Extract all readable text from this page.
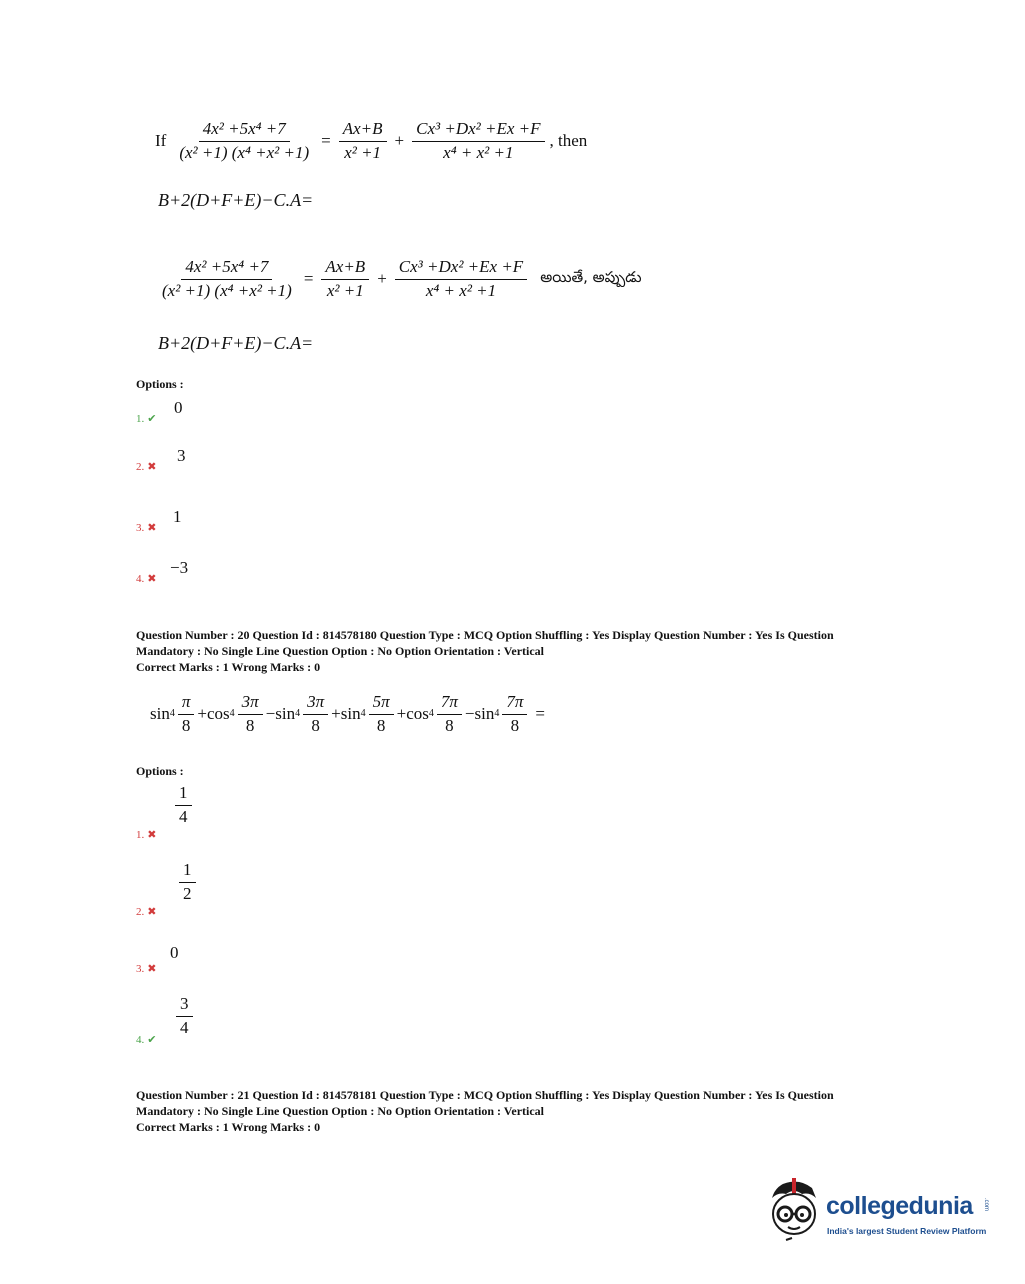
If $\frac{\text{4x² +5x⁴ +7}}{\text{(x² +1) (x⁴ +x² +1)}} = \frac{Ax+B}{\text{x² +1}} + \frac{\text{Cx³ +Dx² +Ex +F}}{\text{x⁴ + x² +1}}$ , then
B+2(D+F+E)−C.A=
$\frac{\text{4x² +5x⁴ +7}}{\text{(x² +1) (x⁴ +x² +1)}} = \frac{Ax+B}{\text{x² +1}} + \frac{\text{Cx³ +Dx² +Ex +F}}{\text{x⁴ + x² +1}}$ అయితే, అప్పుడు
B+2(D+F+E)−C.A=
Options :
1. ✔
0
2. ✖
3
3. ✖
1
4. ✖
−3
Question Number : 20 Question Id : 814578180 Question Type : MCQ Option Shuffling : Yes Display Question Number : Yes Is Question
Mandatory : No Single Line Question Option : No Option Orientation : Vertical
Correct Marks : 1 Wrong Marks : 0
$\sin 4 \frac{\pi}{8} + \cos 4 \frac{3\pi}{8} - \sin 4 \frac{3\pi}{8} + \sin 4 \frac{5\pi}{8} + \cos 4 \frac{7\pi}{8} - \sin 4 \frac{7\pi}{8}$ =
Options :
1. ✖
$\frac{1}{4}$
2. ✖
$\frac{1}{2}$
3. ✖
0
4. ✔
$\frac{3}{4}$
Question Number : 21 Question Id : 814578181 Question Type : MCQ Option Shuffling : Yes Display Question Number : Yes Is Question
Mandatory : No Single Line Question Option : No Option Orientation : Vertical
Correct Marks : 1 Wrong Marks : 0
collegedunia .com
India's largest Student Review Platform
